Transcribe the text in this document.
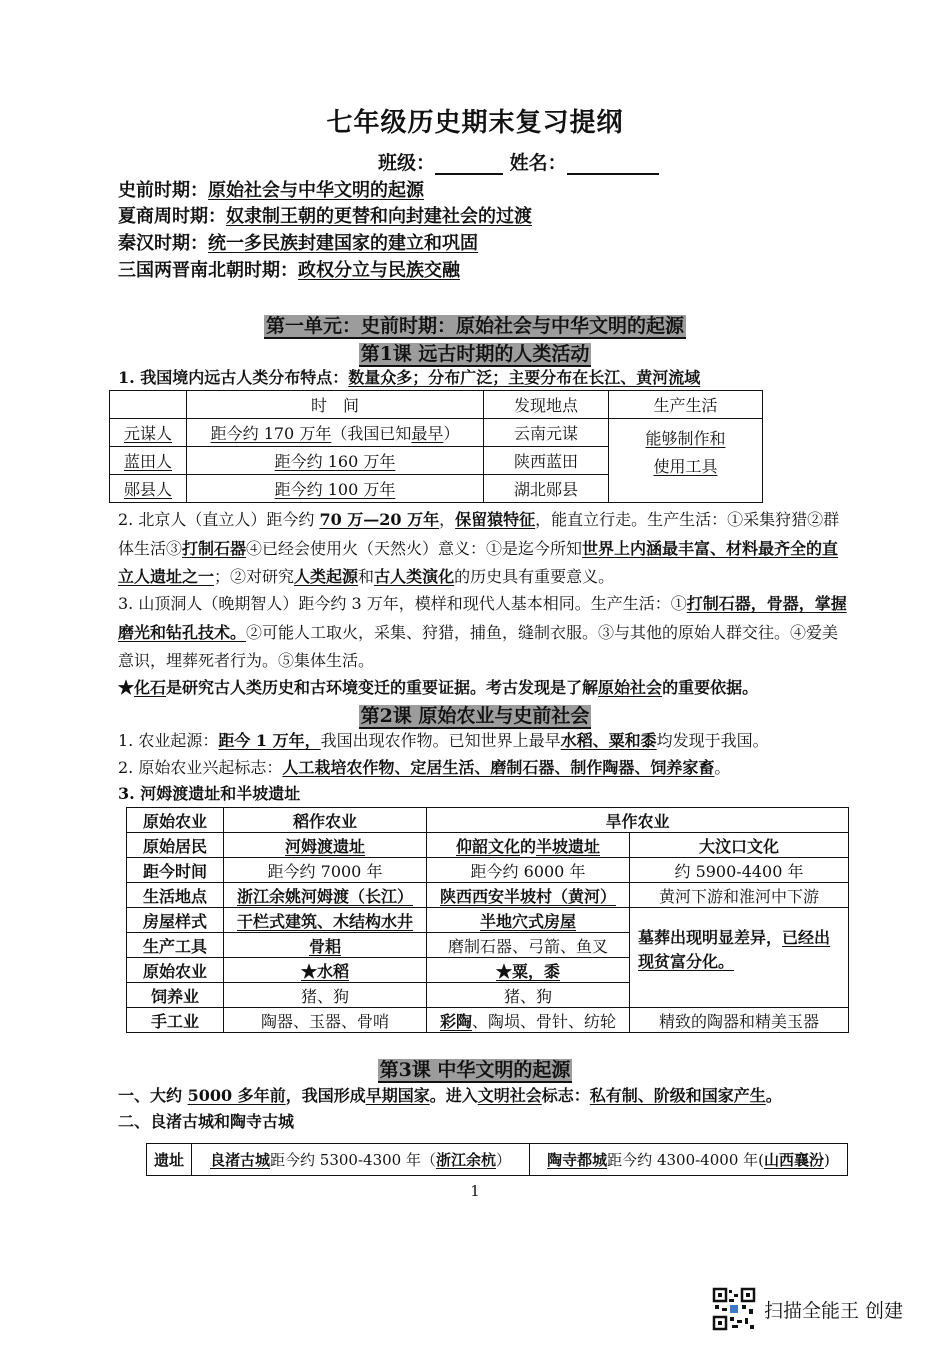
七年级历史期末复习提纲
班级：	姓名：
史前时期：原始社会与中华文明的起源
夏商周时期：奴隶制王朝的更替和向封建社会的过渡
秦汉时期：统一多民族封建国家的建立和巩固
三国两晋南北朝时期：政权分立与民族交融
第一单元：史前时期：原始社会与中华文明的起源
第1课 远古时期的人类活动
1. 我国境内远古人类分布特点：数量众多；分布广泛；主要分布在长江、黄河流域
	时　间	发现地点	生产生活
元谋人	距今约 170 万年（我国已知最早）	云南元谋	能够制作和
使用工具
蓝田人	距今约 160 万年	陕西蓝田	
郧县人	距今约 100 万年	湖北郧县	
2. 北京人（直立人）距今约 70 万—20 万年，保留猿特征，能直立行走。生产生活：①采集狩猎②群体生活③打制石器④已经会使用火（天然火）意义：①是迄今所知世界上内涵最丰富、材料最齐全的直立人遗址之一；②对研究人类起源和古人类演化的历史具有重要意义。
3. 山顶洞人（晚期智人）距今约 3 万年，模样和现代人基本相同。生产生活：①打制石器，骨器，掌握磨光和钻孔技术。②可能人工取火，采集、狩猎，捕鱼，缝制衣服。③与其他的原始人群交往。④爱美意识，埋葬死者行为。⑤集体生活。
★化石是研究古人类历史和古环境变迁的重要证据。考古发现是了解原始社会的重要依据。
第2课 原始农业与史前社会
1. 农业起源：距今 1 万年，我国出现农作物。已知世界上最早水稻、粟和黍均发现于我国。
2. 原始农业兴起标志：人工栽培农作物、定居生活、磨制石器、制作陶器、饲养家畜。
3. 河姆渡遗址和半坡遗址
原始农业	稻作农业	旱作农业	
原始居民	河姆渡遗址	仰韶文化的半坡遗址	大汶口文化
距今时间	距今约 7000 年	距今约 6000 年	约 5900-4400 年
生活地点	浙江余姚河姆渡（长江）	陕西西安半坡村（黄河）	黄河下游和淮河中下游
房屋样式	干栏式建筑、木结构水井	半地穴式房屋	墓葬出现明显差异，已经出现贫富分化。
生产工具	骨耜	磨制石器、弓箭、鱼叉	
原始农业	★水稻	★粟，黍	
饲养业	猪、狗	猪、狗	
手工业	陶器、玉器、骨哨	彩陶、陶埙、骨针、纺轮	精致的陶器和精美玉器
第3课 中华文明的起源
一、大约 5000 多年前，我国形成早期国家。进入文明社会标志：私有制、阶级和国家产生。
二、良渚古城和陶寺古城
遗址	良渚古城距今约 5300-4300 年（浙江余杭）	陶寺都城距今约 4300-4000 年(山西襄汾)
1
扫描全能王 创建
